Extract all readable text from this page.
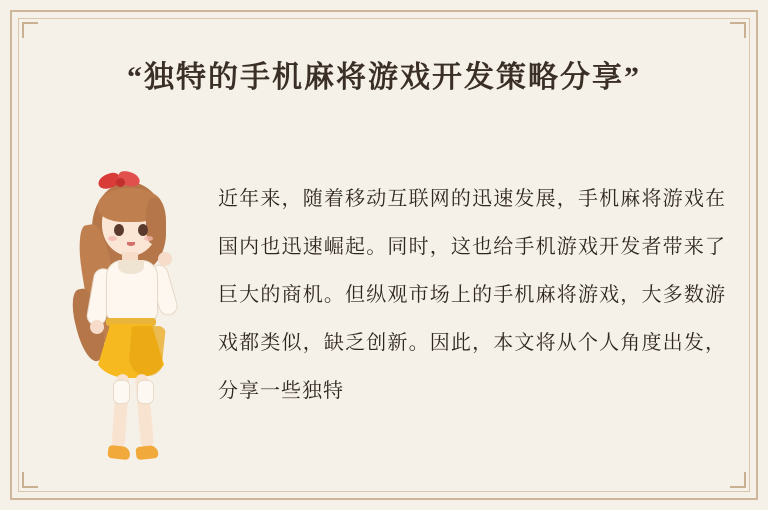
“独特的手机麻将游戏开发策略分享”
近年来，随着移动互联网的迅速发展，手机麻将游戏在国内也迅速崛起。同时，这也给手机游戏开发者带来了巨大的商机。但纵观市场上的手机麻将游戏，大多数游戏都类似，缺乏创新。因此，本文将从个人角度出发，分享一些独特
